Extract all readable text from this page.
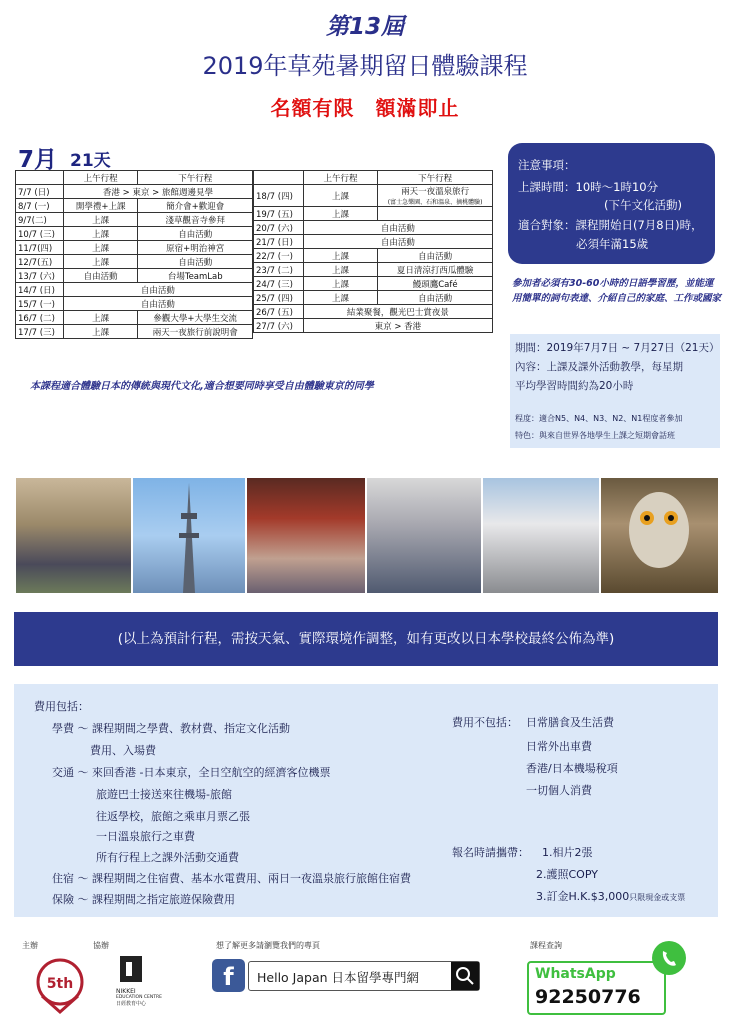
第13屆
2019年草苑暑期留日體驗課程
名額有限　額滿即止
7月 21天
	上午行程	下午行程
7/7 (日)	香港 > 東京 > 旅館週邊見學	
8/7 (一)	開學禮+上課	簡介會+歡迎會
9/7(二)	上課	淺草觀音寺參拜
10/7 (三)	上課	自由活動
11/7(四)	上課	原宿+明治神宮
12/7(五)	上課	自由活動
13/7 (六)	自由活動	台場TeamLab
14/7 (日)	自由活動	
15/7 (一)	自由活動	
16/7 (二)	上課	參觀大學+大學生交流
17/7 (三)	上課	兩天一夜旅行前說明會
	上午行程	下午行程
18/7 (四)	上課	兩天一夜溫泉旅行
(富士急樂園、石和溫泉、摘桃體驗)

19/7 (五)	上課	
20/7 (六)	自由活動	
21/7 (日)	自由活動	
22/7 (一)	上課	自由活動
23/7 (二)	上課	夏日清涼打西瓜體驗
24/7 (三)	上課	鰻頭鷹Café
25/7 (四)	上課	自由活動
26/7 (五)	結業聚餐，觀光巴士賞夜景	
27/7 (六)	東京 > 香港	
注意事項：
上課時間：10時～1時10分
(下午文化活動)
適合對象：課程開始日(7月8日)時，
必須年滿15歲
參加者必須有30-60小時的日語學習歷，並能運用簡單的詞句表達、介紹自己的家庭、工作或國家
期間：2019年7月7日 ~ 7月27日（21天）
內容：上課及課外活動教學，每星期
平均學習時間約為20小時
程度：適合N5、N4、N3、N2、N1程度者參加
特色：與來自世界各地學生上課之短期會話班
本課程適合體驗日本的傳統與現代文化,適合想要同時享受自由體驗東京的同學
(以上為預計行程，需按天氣、實際環境作調整，如有更改以日本學校最終公佈為準)
費用包括：
學費 ～ 課程期間之學費、教材費、指定文化活動
費用、入場費
交通 ～ 來回香港 -日本東京，全日空航空的經濟客位機票
旅遊巴士接送來往機場-旅館
往返學校，旅館之乘車月票乙張
一日溫泉旅行之車費
所有行程上之課外活動交通費
住宿 ～ 課程期間之住宿費、基本水電費用、兩日一夜溫泉旅行旅館住宿費
保險 ～ 課程期間之指定旅遊保險費用
費用不包括： 日常膳食及生活費
日常外出車費
香港/日本機場稅項
一切個人消費
報名時請攜帶： 1.相片2張
2.護照COPY
3.訂金H.K.$3,000只限現金或支票
主辦	協辦	想了解更多請瀏覽我們的專頁	課程查詢
5th	NIKKEI
EDUCATION CENTRE
日經教育中心
f	Hello Japan 日本留學專門網	WhatsApp
92250776
